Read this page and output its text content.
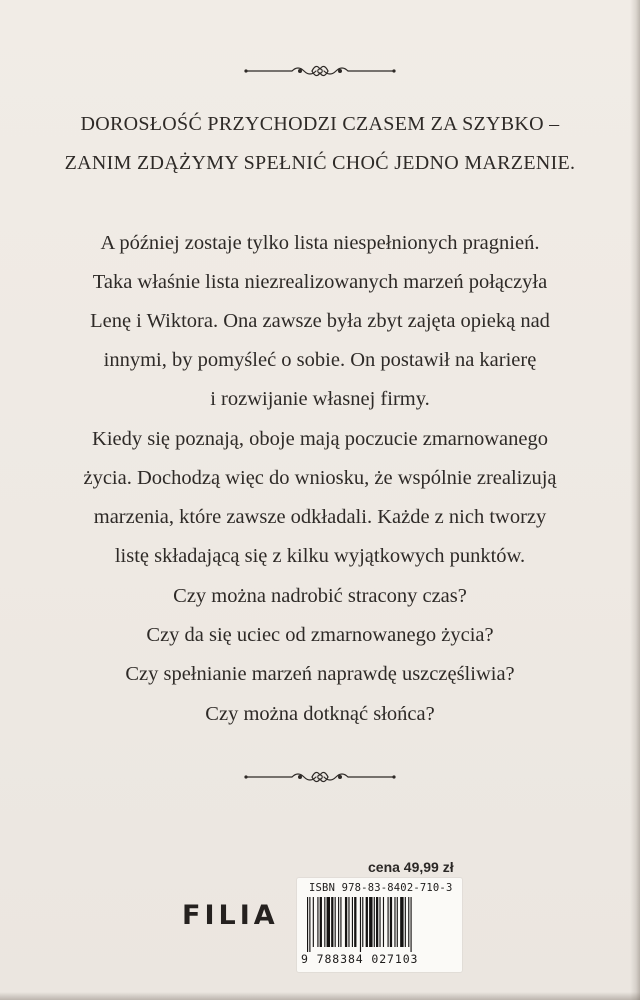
DOROSŁOŚĆ PRZYCHODZI CZASEM ZA SZYBKO –

ZANIM ZDĄŻYMY SPEŁNIĆ CHOĆ JEDNO MARZENIE.

A później zostaje tylko lista niespełnionych pragnień.

Taka właśnie lista niezrealizowanych marzeń połączyła

Lenę i Wiktora. Ona zawsze była zbyt zajęta opieką nad

innymi, by pomyśleć o sobie. On postawił na karierę

i rozwijanie własnej firmy.

Kiedy się poznają, oboje mają poczucie zmarnowanego

życia. Dochodzą więc do wniosku, że wspólnie zrealizują

marzenia, które zawsze odkładali. Każde z nich tworzy

listę składającą się z kilku wyjątkowych punktów.

Czy można nadrobić stracony czas?

Czy da się uciec od zmarnowanego życia?

Czy spełnianie marzeń naprawdę uszczęśliwia?

Czy można dotknąć słońca?

cena 49,99 zł
FILIA
ISBN 978-83-8402-710-3
9 788384 027103
